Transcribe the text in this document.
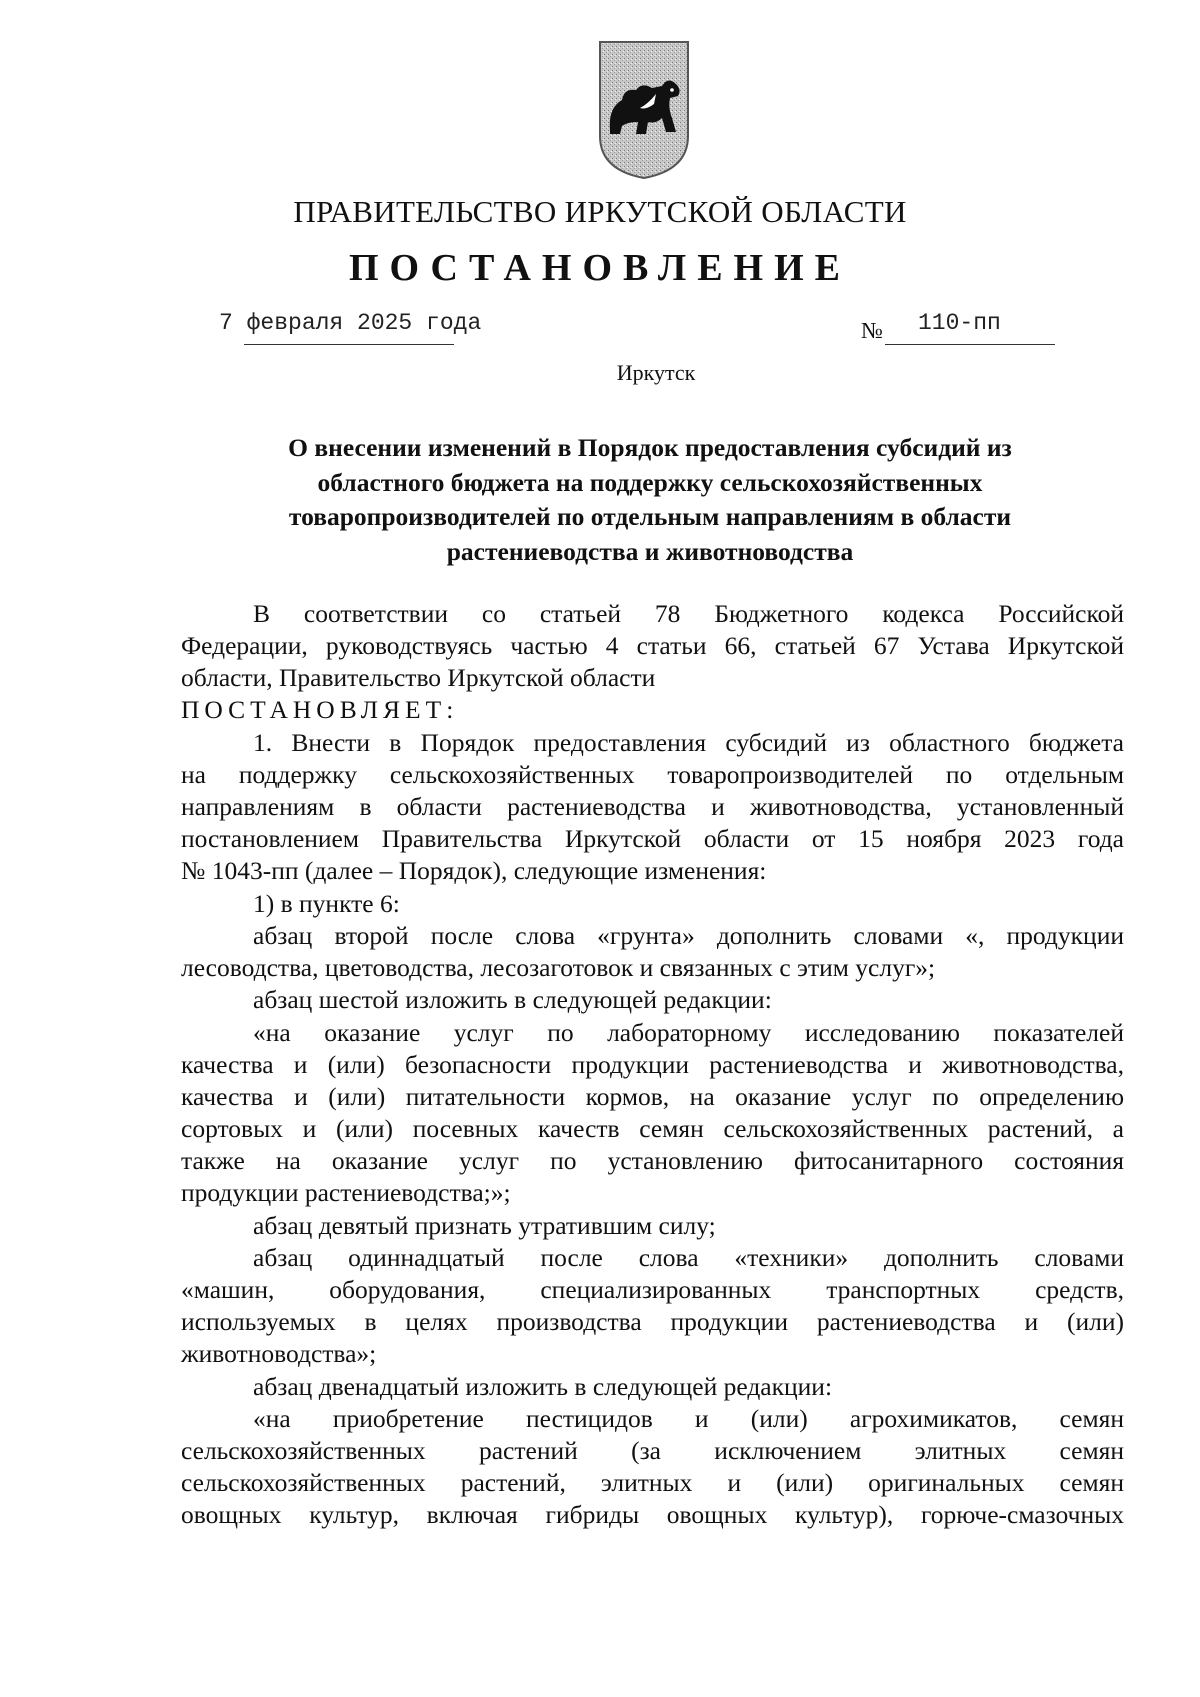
ПРАВИТЕЛЬСТВО ИРКУТСКОЙ ОБЛАСТИ
ПОСТАНОВЛЕНИЕ
7 февраля 2025 года	№ 110-пп
Иркутск
О внесении изменений в Порядок предоставления субсидий из
областного бюджета на поддержку сельскохозяйственных
товаропроизводителей по отдельным направлениям в области
растениеводства и животноводства
В соответствии со статьей 78 Бюджетного кодекса Российской
Федерации, руководствуясь частью 4 статьи 66, статьей 67 Устава Иркутской
области, Правительство Иркутской области
ПОСТАНОВЛЯЕТ:
1. Внести в Порядок предоставления субсидий из областного бюджета
на поддержку сельскохозяйственных товаропроизводителей по отдельным
направлениям в области растениеводства и животноводства, установленный
постановлением Правительства Иркутской области от 15 ноября 2023 года
№ 1043-пп (далее – Порядок), следующие изменения:
1) в пункте 6:
абзац второй после слова «грунта» дополнить словами «, продукции
лесоводства, цветоводства, лесозаготовок и связанных с этим услуг»;
абзац шестой изложить в следующей редакции:
«на оказание услуг по лабораторному исследованию показателей
качества и (или) безопасности продукции растениеводства и животноводства,
качества и (или) питательности кормов, на оказание услуг по определению
сортовых и (или) посевных качеств семян сельскохозяйственных растений, а
также на оказание услуг по установлению фитосанитарного состояния
продукции растениеводства;»;
абзац девятый признать утратившим силу;
абзац одиннадцатый после слова «техники» дополнить словами
«машин, оборудования, специализированных транспортных средств,
используемых в целях производства продукции растениеводства и (или)
животноводства»;
абзац двенадцатый изложить в следующей редакции:
«на приобретение пестицидов и (или) агрохимикатов, семян
сельскохозяйственных растений (за исключением элитных семян
сельскохозяйственных растений, элитных и (или) оригинальных семян
овощных культур, включая гибриды овощных культур), горюче-смазочных
